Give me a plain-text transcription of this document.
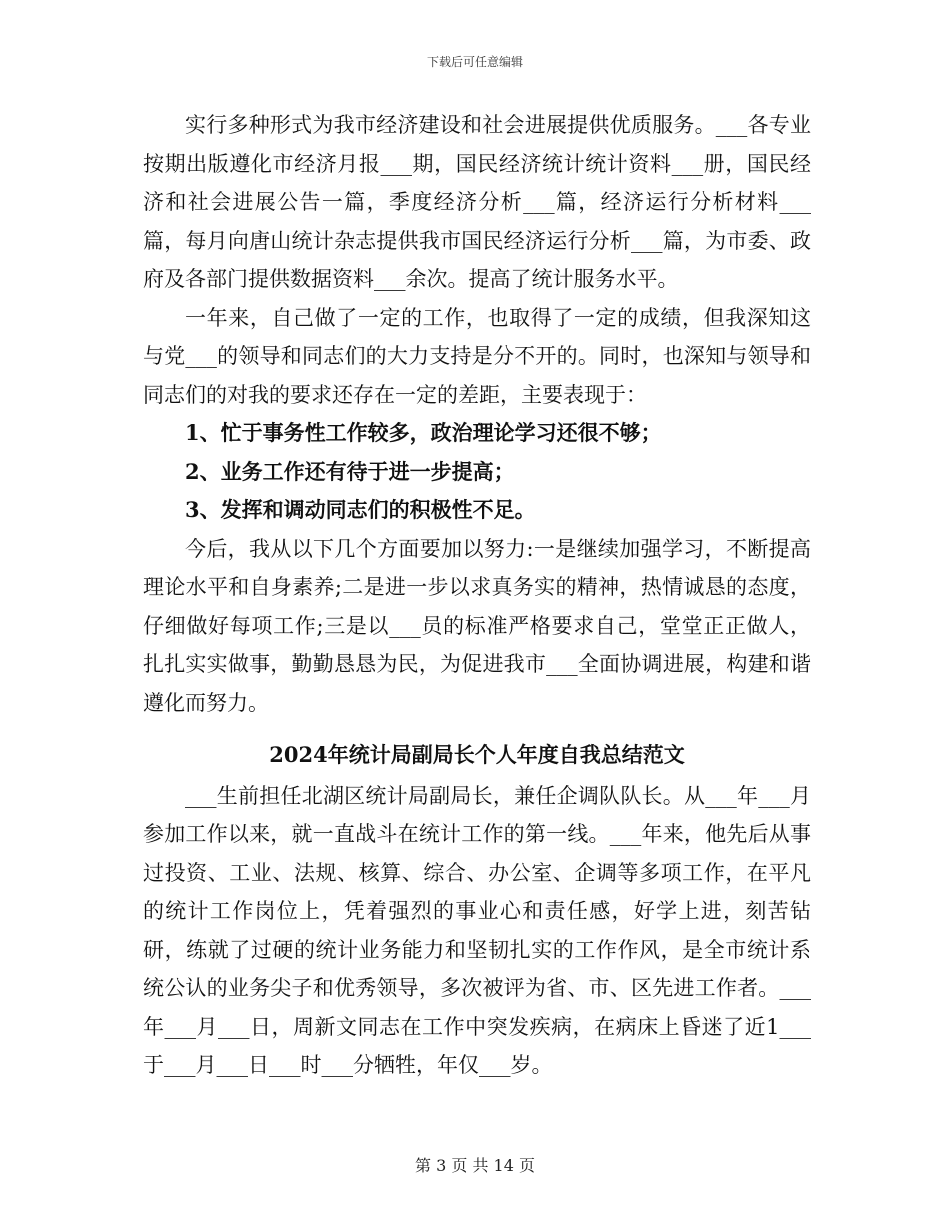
下载后可任意编辑

实行多种形式为我市经济建设和社会进展提供优质服务。___各专业按期出版遵化市经济月报___期，国民经济统计统计资料___册，国民经济和社会进展公告一篇，季度经济分析___篇，经济运行分析材料___篇，每月向唐山统计杂志提供我市国民经济运行分析___篇，为市委、政府及各部门提供数据资料___余次。提高了统计服务水平。

一年来，自己做了一定的工作，也取得了一定的成绩，但我深知这与党___的领导和同志们的大力支持是分不开的。同时，也深知与领导和同志们的对我的要求还存在一定的差距，主要表现于：

1、忙于事务性工作较多，政治理论学习还很不够；

2、业务工作还有待于进一步提高；

3、发挥和调动同志们的积极性不足。

今后，我从以下几个方面要加以努力:一是继续加强学习，不断提高理论水平和自身素养;二是进一步以求真务实的精神，热情诚恳的态度，仔细做好每项工作;三是以___员的标准严格要求自己，堂堂正正做人，扎扎实实做事，勤勤恳恳为民，为促进我市___全面协调进展，构建和谐遵化而努力。

2024年统计局副局长个人年度自我总结范文

___生前担任北湖区统计局副局长，兼任企调队队长。从___年___月参加工作以来，就一直战斗在统计工作的第一线。___年来，他先后从事过投资、工业、法规、核算、综合、办公室、企调等多项工作，在平凡的统计工作岗位上，凭着强烈的事业心和责任感，好学上进，刻苦钻研，练就了过硬的统计业务能力和坚韧扎实的工作作风，是全市统计系统公认的业务尖子和优秀领导，多次被评为省、市、区先进工作者。___年___月___日，周新文同志在工作中突发疾病，在病床上昏迷了近1___于___月___日___时___分牺牲，年仅___岁。

第 3 页 共 14 页
